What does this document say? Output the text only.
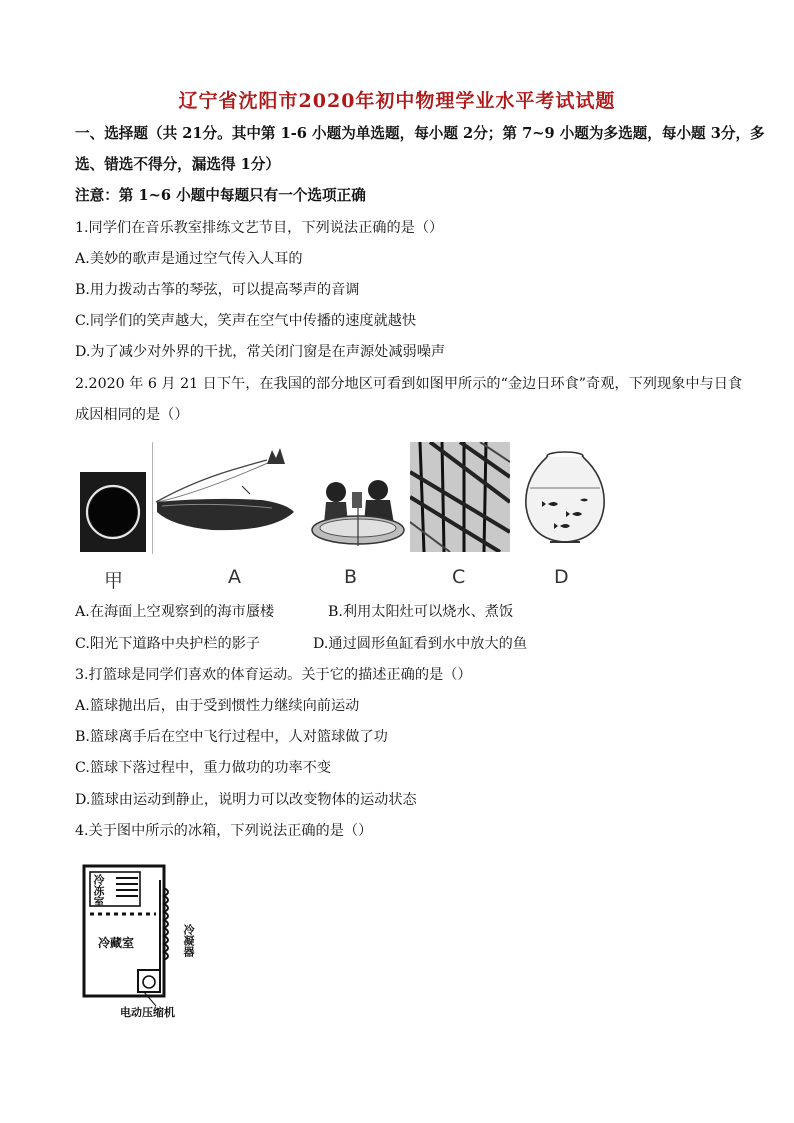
辽宁省沈阳市2020年初中物理学业水平考试试题
一、选择题（共 21分。其中第 1-6 小题为单选题，每小题 2分；第 7~9 小题为多选题，每小题 3分，多
选、错选不得分，漏选得 1分）
注意：第 1~6 小题中每题只有一个选项正确
1.同学们在音乐教室排练文艺节目，下列说法正确的是（）
A.美妙的歌声是通过空气传入人耳的
B.用力拨动古筝的琴弦，可以提高琴声的音调
C.同学们的笑声越大，笑声在空气中传播的速度就越快
D.为了减少对外界的干扰，常关闭门窗是在声源处减弱噪声
2.2020 年 6 月 21 日下午，在我国的部分地区可看到如图甲所示的“金边日环食”奇观，下列现象中与日食
成因相同的是（）
甲	A	B	C	D
A.在海面上空观察到的海市蜃楼	B.利用太阳灶可以烧水、煮饭
C.阳光下道路中央护栏的影子	D.通过圆形鱼缸看到水中放大的鱼
3.打篮球是同学们喜欢的体育运动。关于它的描述正确的是（）
A.篮球抛出后，由于受到惯性力继续向前运动
B.篮球离手后在空中飞行过程中，人对篮球做了功
C.篮球下落过程中，重力做功的功率不变
D.篮球由运动到静止，说明力可以改变物体的运动状态
4.关于图中所示的冰箱，下列说法正确的是（）
冷冻室
冷藏室	冷凝器
电动压缩机
